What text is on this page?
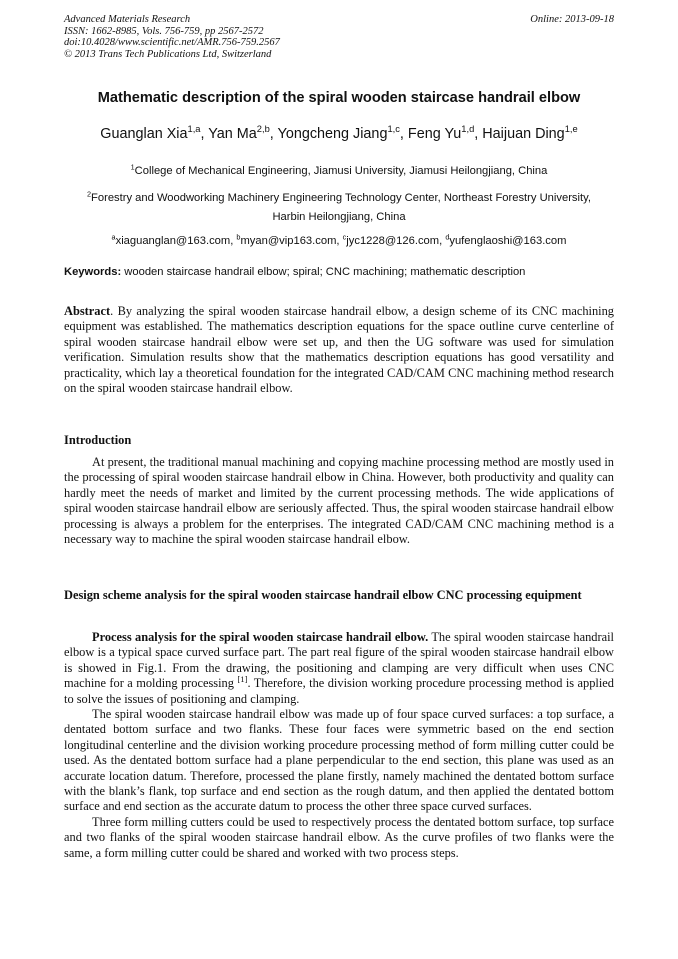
Advanced Materials Research
ISSN: 1662-8985, Vols. 756-759, pp 2567-2572
doi:10.4028/www.scientific.net/AMR.756-759.2567
© 2013 Trans Tech Publications Ltd, Switzerland
Online: 2013-09-18
Mathematic description of the spiral wooden staircase handrail elbow
Guanglan Xia$^{1,a}$, Yan Ma$^{2,b}$, Yongcheng Jiang$^{1,c}$, Feng Yu$^{1,d}$, Haijuan Ding$^{1,e}$
$^1$College of Mechanical Engineering, Jiamusi University, Jiamusi Heilongjiang, China
$^2$Forestry and Woodworking Machinery Engineering Technology Center, Northeast Forestry University, Harbin Heilongjiang, China
$^a$xiaguanglan@163.com, $^b$myan@vip163.com, $^c$jyc1228@126.com, $^d$yufenglaoshi@163.com
Keywords: wooden staircase handrail elbow; spiral; CNC machining; mathematic description
Abstract. By analyzing the spiral wooden staircase handrail elbow, a design scheme of its CNC machining equipment was established. The mathematics description equations for the space outline curve centerline of spiral wooden staircase handrail elbow were set up, and then the UG software was used for simulation verification. Simulation results show that the mathematics description equations has good versatility and practicality, which lay a theoretical foundation for the integrated CAD/CAM CNC machining method research on the spiral wooden staircase handrail elbow.
Introduction
At present, the traditional manual machining and copying machine processing method are mostly used in the processing of spiral wooden staircase handrail elbow in China. However, both productivity and quality can hardly meet the needs of market and limited by the current processing methods. The wide applications of spiral wooden staircase handrail elbow are seriously affected. Thus, the spiral wooden staircase handrail elbow processing is always a problem for the enterprises. The integrated CAD/CAM CNC machining method is a necessary way to machine the spiral wooden staircase handrail elbow.
Design scheme analysis for the spiral wooden staircase handrail elbow CNC processing equipment

Process analysis for the spiral wooden staircase handrail elbow. The spiral wooden staircase handrail elbow is a typical space curved surface part. The part real figure of the spiral wooden staircase handrail elbow is showed in Fig.1. From the drawing, the positioning and clamping are very difficult when uses CNC machine for a molding processing [1]. Therefore, the division working procedure processing method is applied to solve the issues of positioning and clamping.

The spiral wooden staircase handrail elbow was made up of four space curved surfaces: a top surface, a dentated bottom surface and two flanks. These four faces were symmetric based on the end section longitudinal centerline and the division working procedure processing method of form milling cutter could be used. As the dentated bottom surface had a plane perpendicular to the end section, this plane was used as an accurate location datum. Therefore, processed the plane firstly, namely machined the dentated bottom surface with the blank’s flank, top surface and end section as the rough datum, and then applied the dentated bottom surface and end section as the accurate datum to process the other three space curved surfaces.

Three form milling cutters could be used to respectively process the dentated bottom surface, top surface and two flanks of the spiral wooden staircase handrail elbow. As the curve profiles of two flanks were the same, a form milling cutter could be shared and worked with two process steps.
